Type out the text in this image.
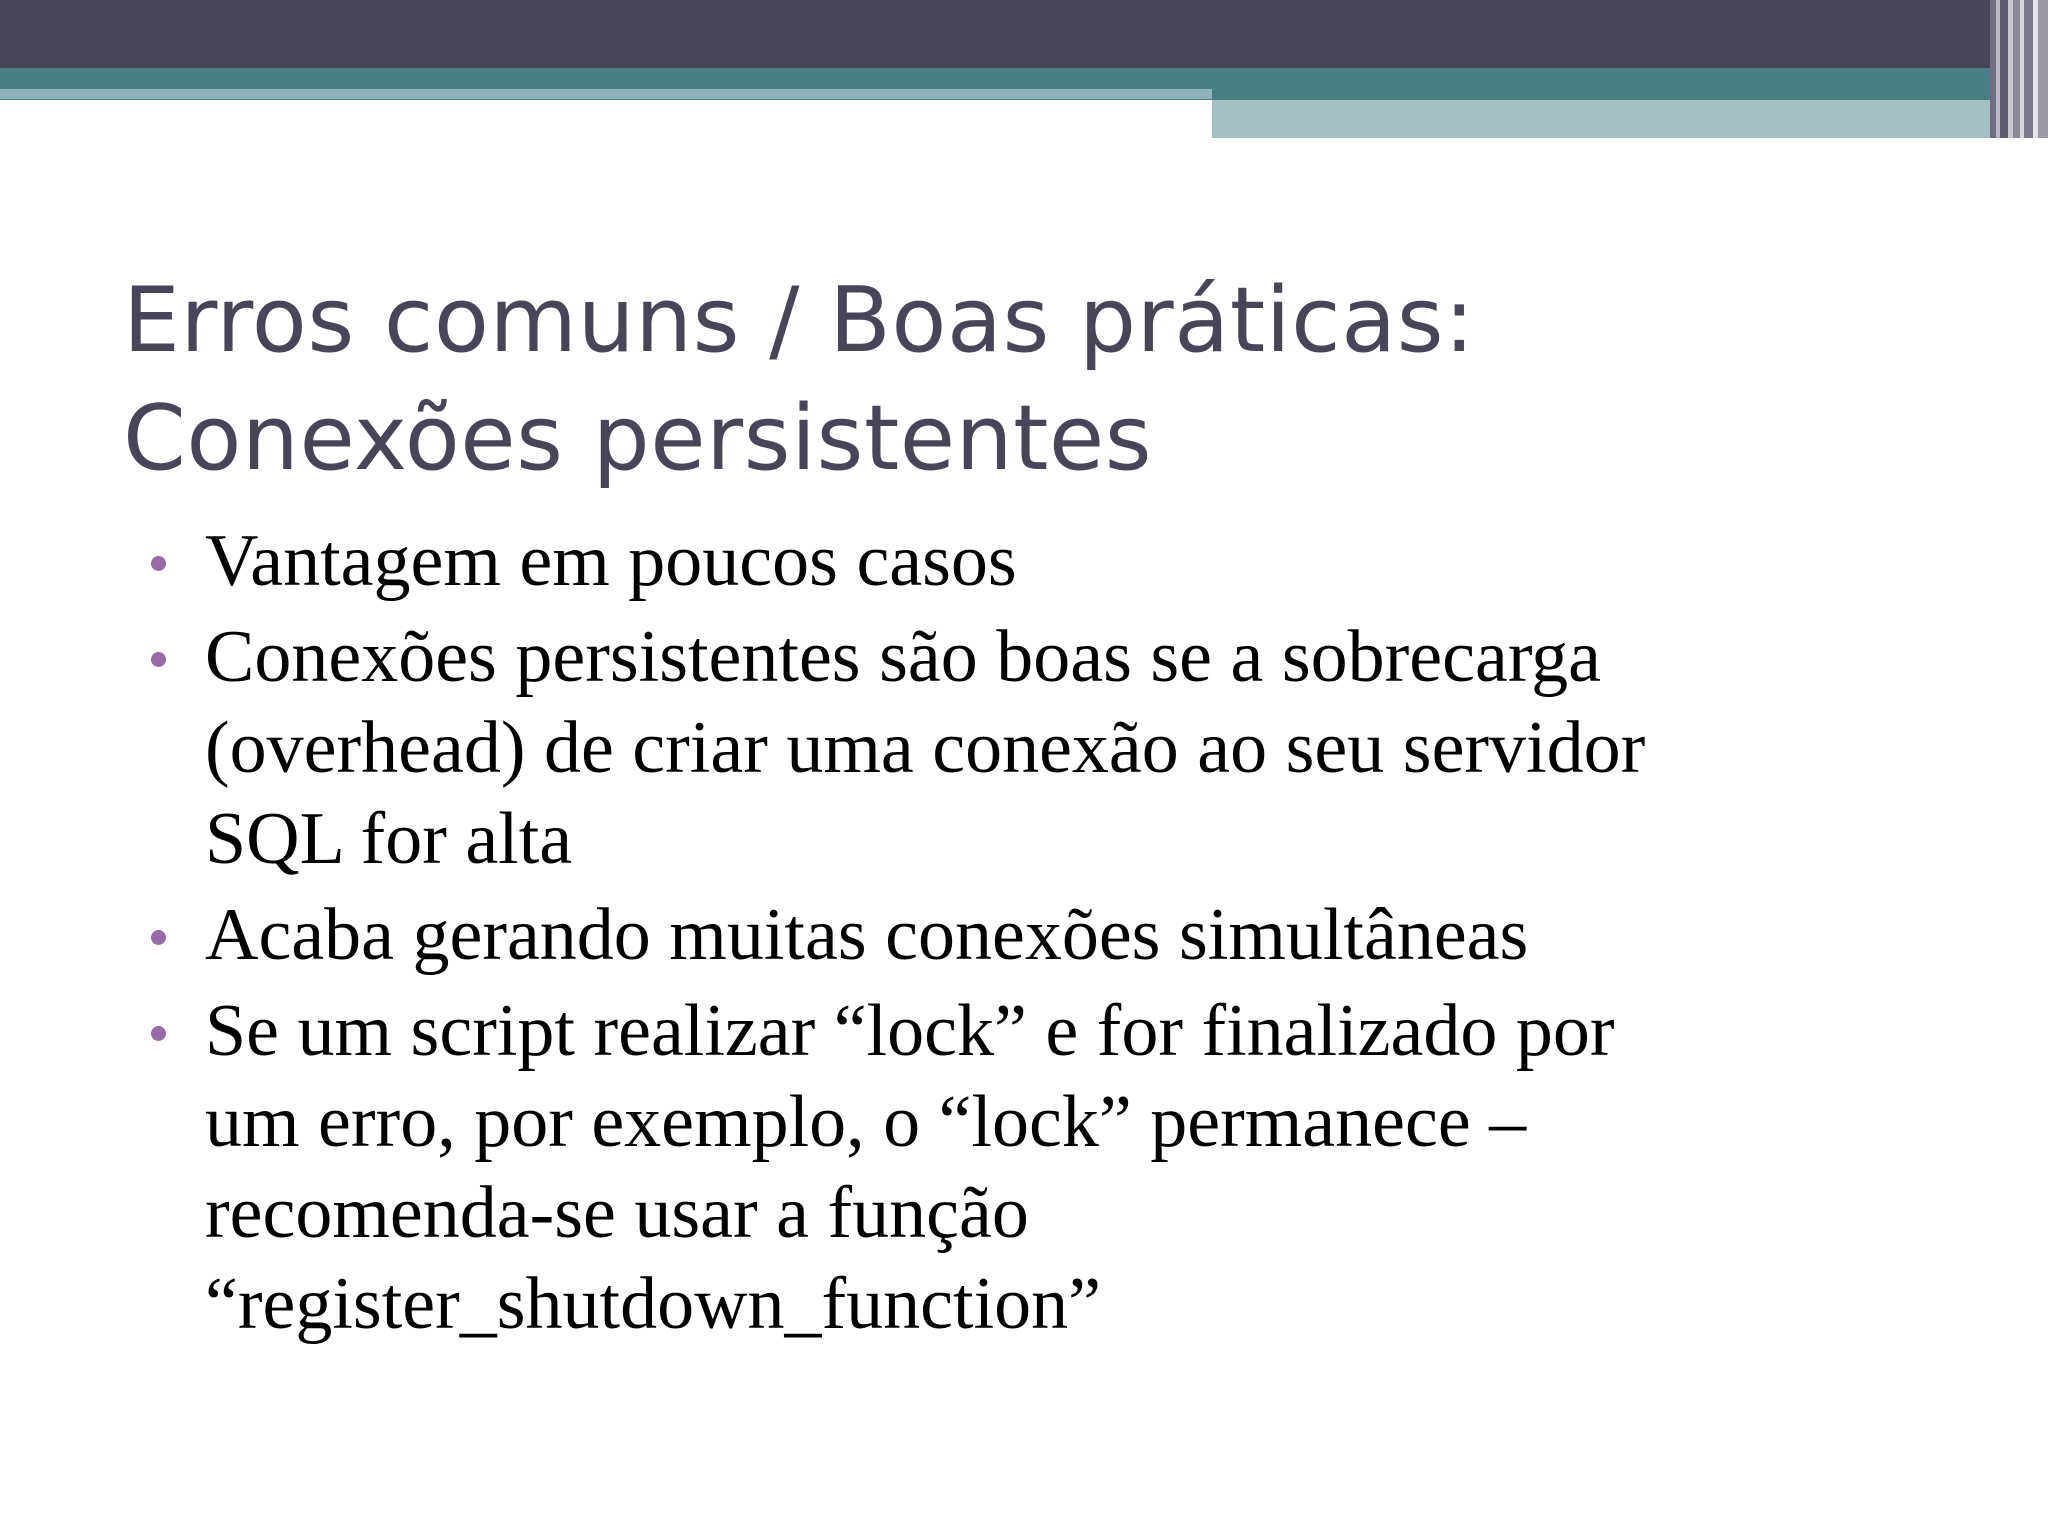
Erros comuns / Boas práticas:
Conexões persistentes
Vantagem em poucos casos
Conexões persistentes são boas se a sobrecarga
(overhead) de criar uma conexão ao seu servidor
SQL for alta
Acaba gerando muitas conexões simultâneas
Se um script realizar “lock” e for finalizado por
um erro, por exemplo, o “lock” permanece –
recomenda-se usar a função
“register_shutdown_function”
